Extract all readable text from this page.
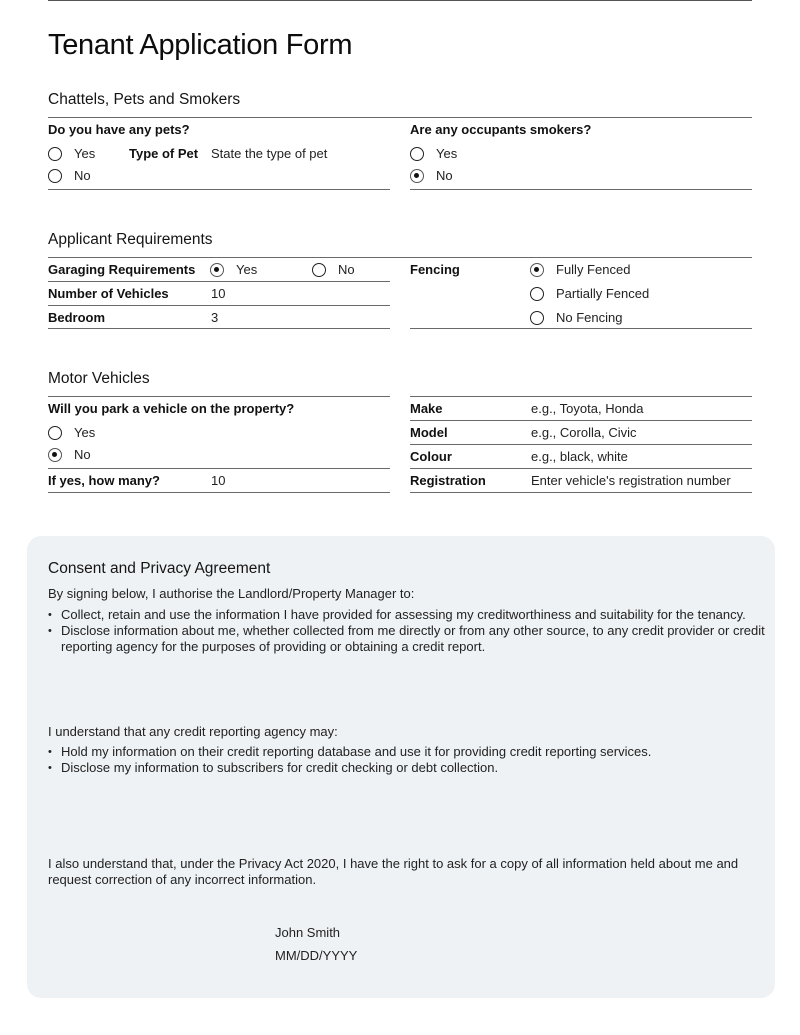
Tenant Application Form
Chattels, Pets and Smokers
Do you have any pets?
Yes
No
Type of Pet State the type of pet
Are any occupants smokers?
Yes
No
Applicant Requirements
Garaging Requirements	Yes	No
Number of Vehicles	10
Bedroom	3
Fencing	Fully Fenced
Partially Fenced
No Fencing
Motor Vehicles
Will you park a vehicle on the property?
Yes
No
If yes, how many?	10
Make	e.g., Toyota, Honda
Model	e.g., Corolla, Civic
Colour	e.g., black, white
Registration	Enter vehicle's registration number
Consent and Privacy Agreement
By signing below, I authorise the Landlord/Property Manager to:
• Collect, retain and use the information I have provided for assessing my creditworthiness and suitability for the tenancy.
• Disclose information about me, whether collected from me directly or from any other source, to any credit provider or credit reporting agency for the purposes of providing or obtaining a credit report.
I understand that any credit reporting agency may:
• Hold my information on their credit reporting database and use it for providing credit reporting services.
• Disclose my information to subscribers for credit checking or debt collection.
I also understand that, under the Privacy Act 2020, I have the right to ask for a copy of all information held about me and request correction of any incorrect information.
John Smith
MM/DD/YYYY
